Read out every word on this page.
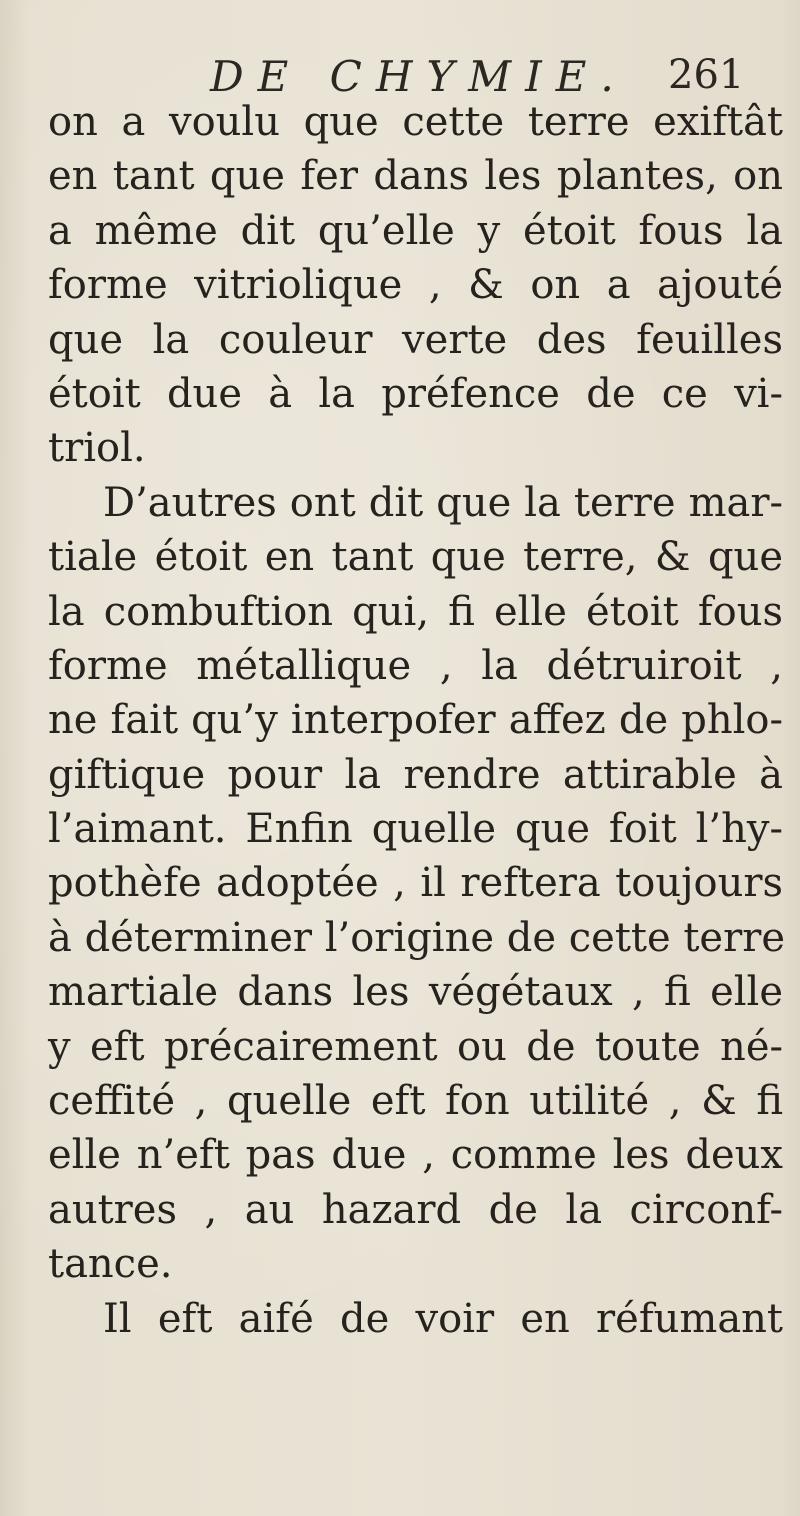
DE CHYMIE. 261
on a voulu que cette terre exiftât
en tant que fer dans les plantes, on
a même dit qu’elle y étoit fous la
forme vitriolique , & on a ajouté
que la couleur verte des feuilles
étoit due à la préfence de ce vi-
triol.
D’autres ont dit que la terre mar-
tiale étoit en tant que terre, & que
la combuftion qui, fi elle étoit fous
forme métallique , la détruiroit ,
ne fait qu’y interpofer affez de phlo-
giftique pour la rendre attirable à
l’aimant. Enfin quelle que foit l’hy-
pothèfe adoptée , il reftera toujours
à déterminer l’origine de cette terre
martiale dans les végétaux , fi elle
y eft précairement ou de toute né-
ceffité , quelle eft fon utilité , & fi
elle n’eft pas due , comme les deux
autres , au hazard de la circonf-
tance.
Il eft aifé de voir en réfumant
